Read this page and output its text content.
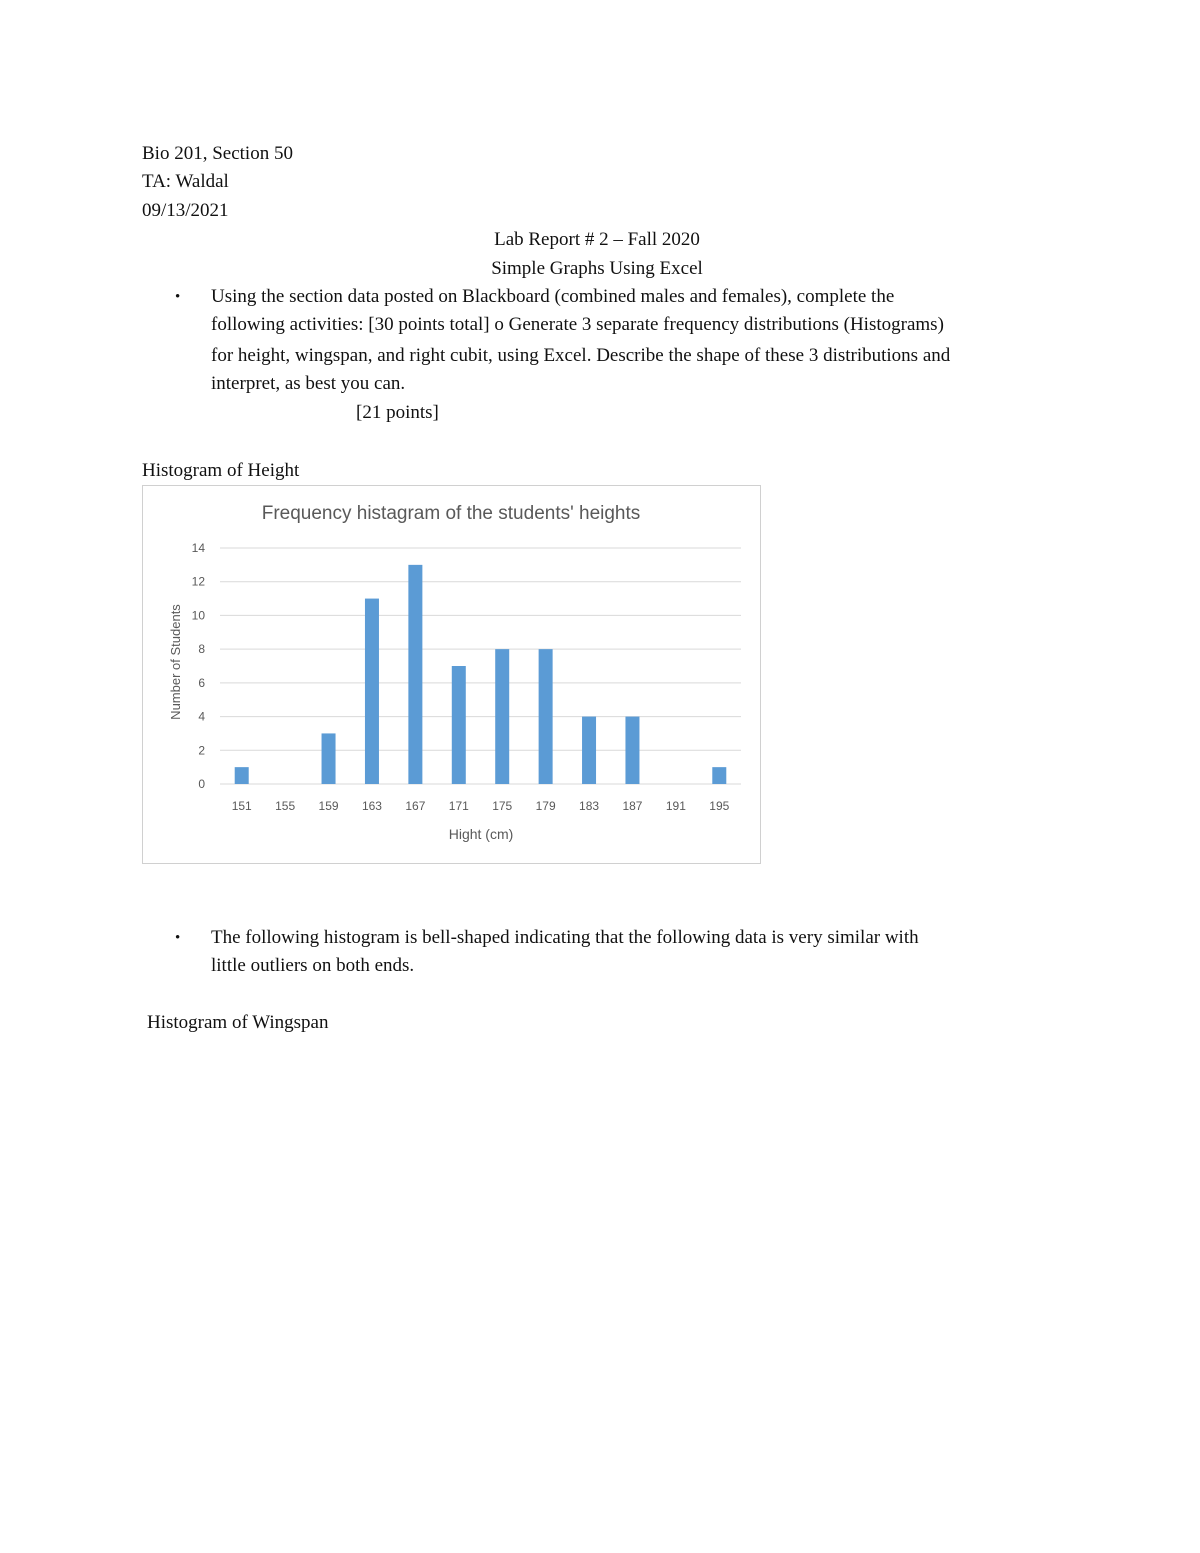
Bio 201, Section 50
TA: Waldal
09/13/2021
Lab Report # 2 – Fall 2020
Simple Graphs Using Excel
• Using the section data posted on Blackboard (combined males and females), complete the
following activities: [30 points total] o Generate 3 separate frequency distributions (Histograms)
for height, wingspan, and right cubit, using Excel. Describe the shape of these 3 distributions and
interpret, as best you can.
[21 points]
Histogram of Height
Frequency histagram of the students' heights
151 155 159 163 167 171 175 179 183 187 191 195
0
2
4
6
8
10
12
14
Hight (cm)
Number of Students
• The following histogram is bell-shaped indicating that the following data is very similar with
little outliers on both ends.
Histogram of Wingspan
